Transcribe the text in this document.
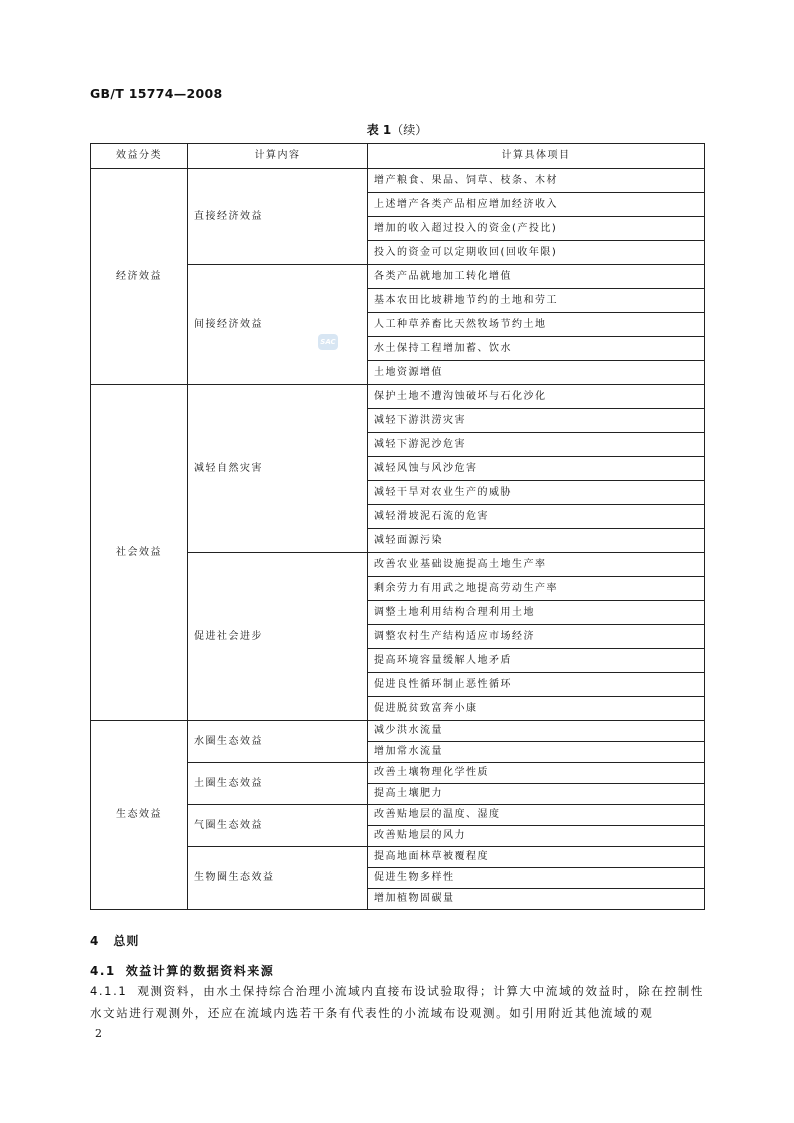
GB/T 15774—2008
表 1（续）
效益分类	计算内容	计算具体项目
经济效益	直接经济效益	增产粮食、果品、饲草、枝条、木材
		上述增产各类产品相应增加经济收入
		增加的收入超过投入的资金(产投比)
		投入的资金可以定期收回(回收年限)
	间接经济效益	各类产品就地加工转化增值
		基本农田比坡耕地节约的土地和劳工
		人工种草养畜比天然牧场节约土地
		水土保持工程增加蓄、饮水
		土地资源增值
社会效益	减轻自然灾害	保护土地不遭沟蚀破坏与石化沙化
		减轻下游洪涝灾害
		减轻下游泥沙危害
		减轻风蚀与风沙危害
		减轻干旱对农业生产的威胁
		减轻滑坡泥石流的危害
		减轻面源污染
	促进社会进步	改善农业基础设施提高土地生产率
		剩余劳力有用武之地提高劳动生产率
		调整土地利用结构合理利用土地
		调整农村生产结构适应市场经济
		提高环境容量缓解人地矛盾
		促进良性循环制止恶性循环
		促进脱贫致富奔小康
生态效益	水圈生态效益	减少洪水流量
		增加常水流量
	土圈生态效益	改善土壤物理化学性质
		提高土壤肥力
	气圈生态效益	改善贴地层的温度、湿度
		改善贴地层的风力
	生物圈生态效益	提高地面林草被覆程度
		促进生物多样性
		增加植物固碳量
SAC
4 总则
4.1 效益计算的数据资料来源
4.1.1 观测资料，由水土保持综合治理小流域内直接布设试验取得；计算大中流域的效益时，除在控制性水文站进行观测外，还应在流域内选若干条有代表性的小流域布设观测。如引用附近其他流域的观
2
